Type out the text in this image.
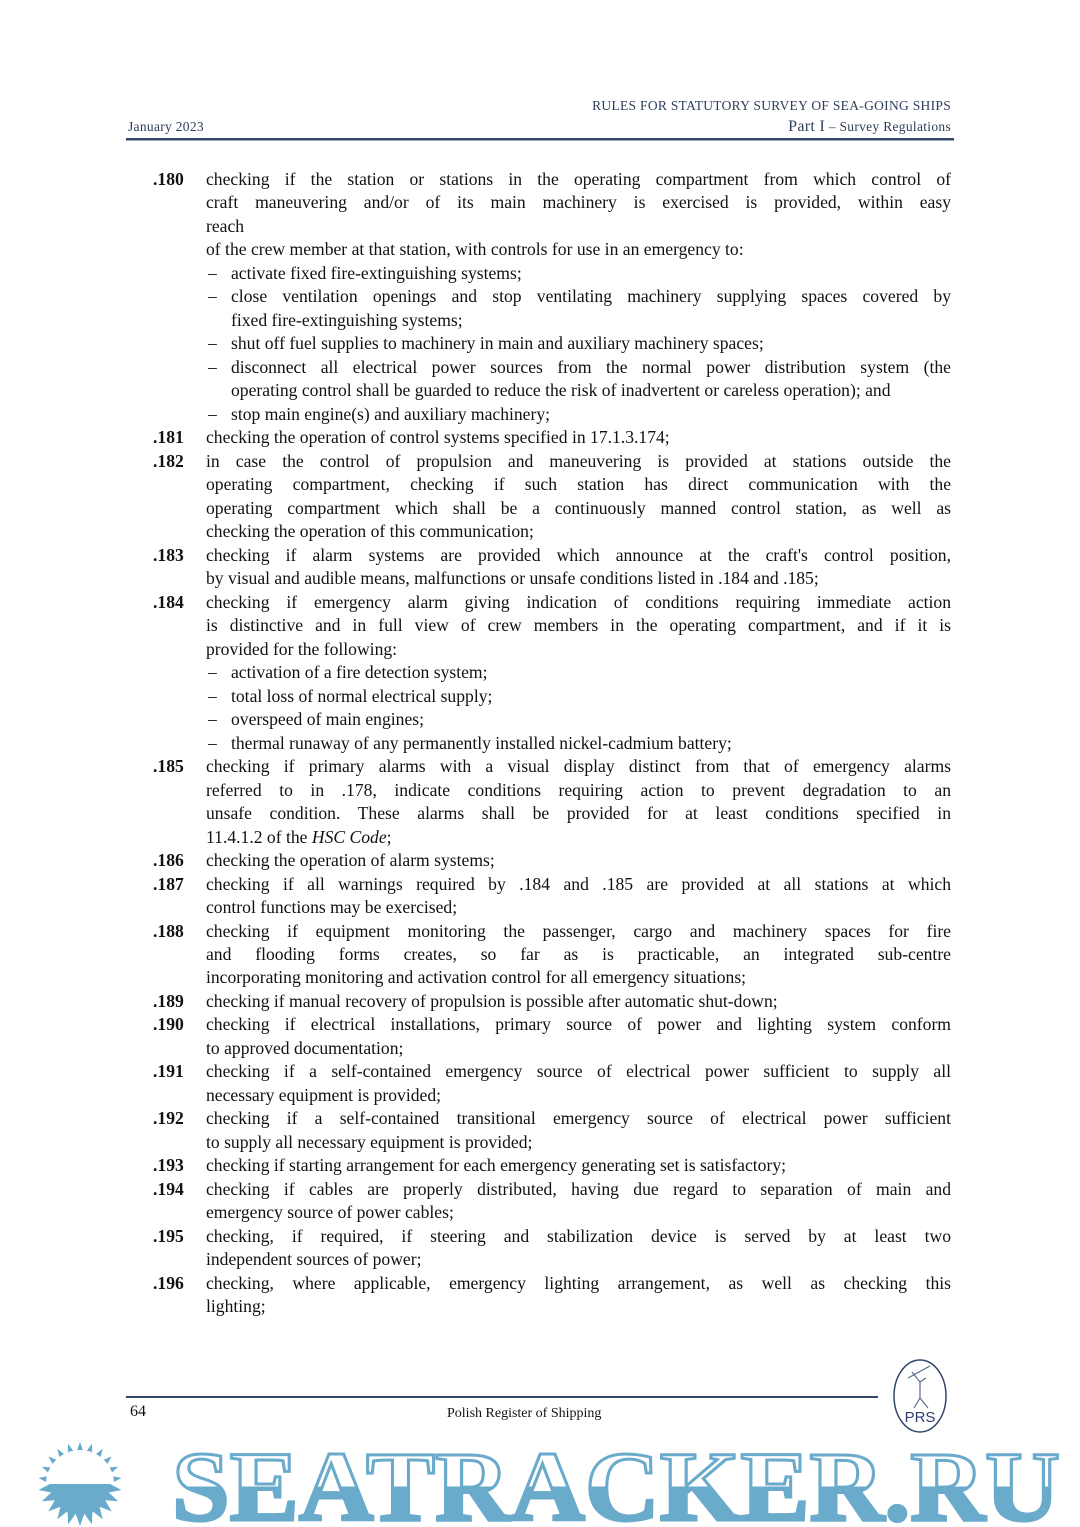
RULES FOR STATUTORY SURVEY OF SEA-GOING SHIPS
Part I – Survey Regulations
January 2023
.180 checking if the station or stations in the operating compartment from which control of
craft maneuvering and/or of its main machinery is exercised is provided, within easy
reach
of the crew member at that station, with controls for use in an emergency to:
– activate fixed fire-extinguishing systems;
– close ventilation openings and stop ventilating machinery supplying spaces covered by
fixed fire-extinguishing systems;
– shut off fuel supplies to machinery in main and auxiliary machinery spaces;
– disconnect all electrical power sources from the normal power distribution system (the
operating control shall be guarded to reduce the risk of inadvertent or careless operation); and
– stop main engine(s) and auxiliary machinery;
.181 checking the operation of control systems specified in 17.1.3.174;
.182 in case the control of propulsion and maneuvering is provided at stations outside the
operating compartment, checking if such station has direct communication with the
operating compartment which shall be a continuously manned control station, as well as
checking the operation of this communication;
.183 checking if alarm systems are provided which announce at the craft's control position,
by visual and audible means, malfunctions or unsafe conditions listed in .184 and .185;
.184 checking if emergency alarm giving indication of conditions requiring immediate action
is distinctive and in full view of crew members in the operating compartment, and if it is
provided for the following:
– activation of a fire detection system;
– total loss of normal electrical supply;
– overspeed of main engines;
– thermal runaway of any permanently installed nickel-cadmium battery;
.185 checking if primary alarms with a visual display distinct from that of emergency alarms
referred to in .178, indicate conditions requiring action to prevent degradation to an
unsafe condition. These alarms shall be provided for at least conditions specified in
11.4.1.2 of the HSC Code;
.186 checking the operation of alarm systems;
.187 checking if all warnings required by .184 and .185 are provided at all stations at which
control functions may be exercised;
.188 checking if equipment monitoring the passenger, cargo and machinery spaces for fire
and flooding forms creates, so far as is practicable, an integrated sub-centre
incorporating monitoring and activation control for all emergency situations;
.189 checking if manual recovery of propulsion is possible after automatic shut-down;
.190 checking if electrical installations, primary source of power and lighting system conform
to approved documentation;
.191 checking if a self-contained emergency source of electrical power sufficient to supply all
necessary equipment is provided;
.192 checking if a self-contained transitional emergency source of electrical power sufficient
to supply all necessary equipment is provided;
.193 checking if starting arrangement for each emergency generating set is satisfactory;
.194 checking if cables are properly distributed, having due regard to separation of main and
emergency source of power cables;
.195 checking, if required, if steering and stabilization device is served by at least two
independent sources of power;
.196 checking, where applicable, emergency lighting arrangement, as well as checking this
lighting;
64	Polish Register of Shipping	PRS
SEATRACKER.RU
